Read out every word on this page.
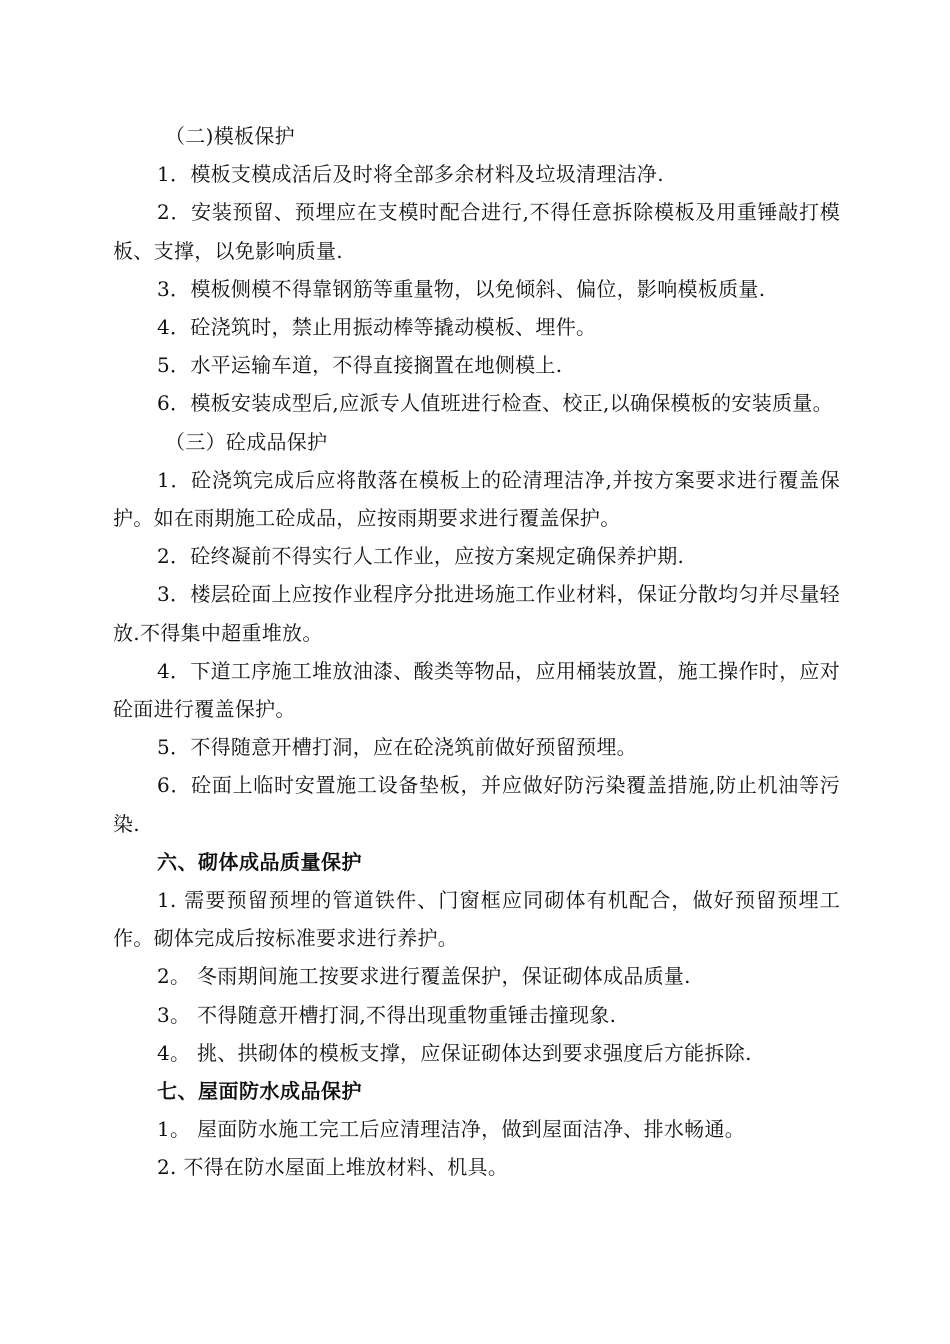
（二)模板保护

1．模板支模成活后及时将全部多余材料及垃圾清理洁净.

2．安装预留、预埋应在支模时配合进行,不得任意拆除模板及用重锤敲打模板、支撑，以免影响质量.

3．模板侧模不得靠钢筋等重量物，以免倾斜、偏位，影响模板质量.

4．砼浇筑时，禁止用振动棒等撬动模板、埋件。

5．水平运输车道，不得直接搁置在地侧模上.

6．模板安装成型后,应派专人值班进行检查、校正,以确保模板的安装质量。

（三）砼成品保护

1．砼浇筑完成后应将散落在模板上的砼清理洁净,并按方案要求进行覆盖保护。如在雨期施工砼成品，应按雨期要求进行覆盖保护。

2．砼终凝前不得实行人工作业，应按方案规定确保养护期.

3．楼层砼面上应按作业程序分批进场施工作业材料，保证分散均匀并尽量轻放.不得集中超重堆放。

4．下道工序施工堆放油漆、酸类等物品，应用桶装放置，施工操作时，应对砼面进行覆盖保护。

5．不得随意开槽打洞，应在砼浇筑前做好预留预埋。

6．砼面上临时安置施工设备垫板，并应做好防污染覆盖措施,防止机油等污染.

六、砌体成品质量保护

1. 需要预留预埋的管道铁件、门窗框应同砌体有机配合，做好预留预埋工作。砌体完成后按标准要求进行养护。

2。 冬雨期间施工按要求进行覆盖保护，保证砌体成品质量.

3。 不得随意开槽打洞,不得出现重物重锤击撞现象.

4。 挑、拱砌体的模板支撑，应保证砌体达到要求强度后方能拆除.

七、屋面防水成品保护

1。 屋面防水施工完工后应清理洁净，做到屋面洁净、排水畅通。

2. 不得在防水屋面上堆放材料、机具。
